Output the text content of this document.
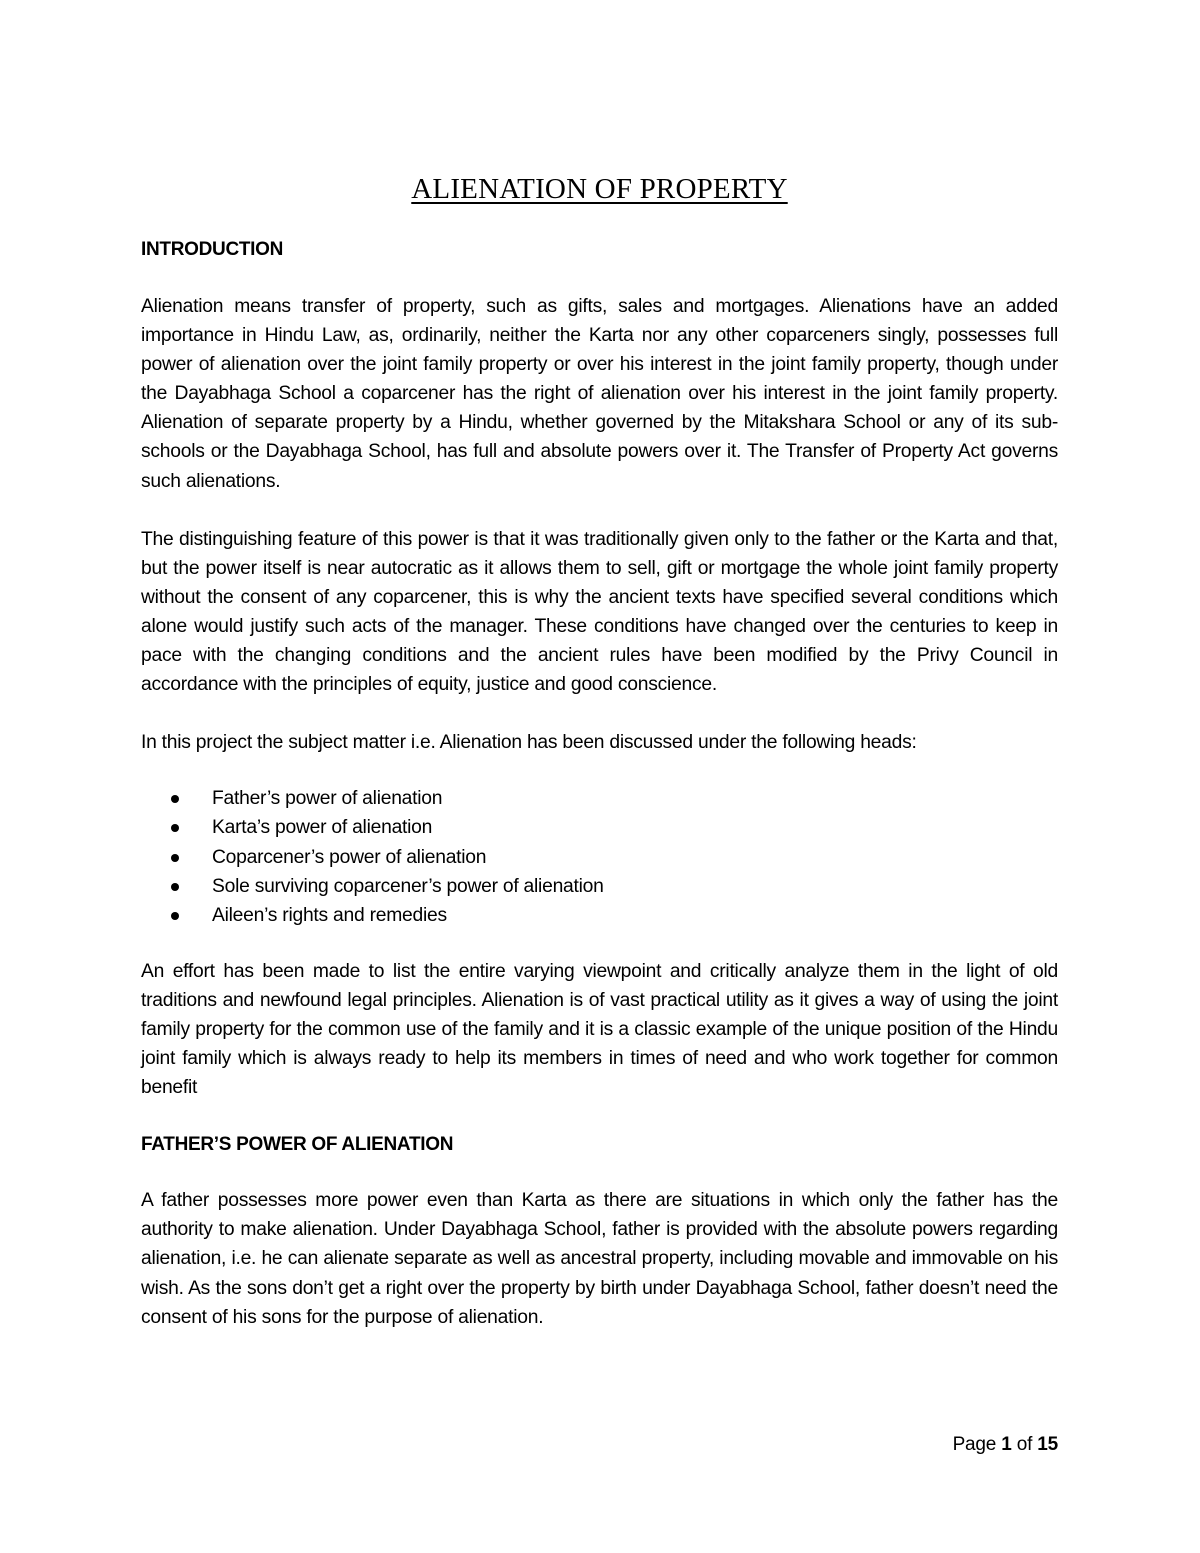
ALIENATION OF PROPERTY
INTRODUCTION

Alienation means transfer of property, such as gifts, sales and mortgages. Alienations have an added importance in Hindu Law, as, ordinarily, neither the Karta nor any other coparceners singly, possesses full power of alienation over the joint family property or over his interest in the joint family property, though under the Dayabhaga School a coparcener has the right of alienation over his interest in the joint family property. Alienation of separate property by a Hindu, whether governed by the Mitakshara School or any of its sub-schools or the Dayabhaga School, has full and absolute powers over it. The Transfer of Property Act governs such alienations.

The distinguishing feature of this power is that it was traditionally given only to the father or the Karta and that, but the power itself is near autocratic as it allows them to sell, gift or mortgage the whole joint family property without the consent of any coparcener, this is why the ancient texts have specified several conditions which alone would justify such acts of the manager. These conditions have changed over the centuries to keep in pace with the changing conditions and the ancient rules have been modified by the Privy Council in accordance with the principles of equity, justice and good conscience.

In this project the subject matter i.e. Alienation has been discussed under the following heads:

Father’s power of alienation
Karta’s power of alienation
Coparcener’s power of alienation
Sole surviving coparcener’s power of alienation
Aileen’s rights and remedies

An effort has been made to list the entire varying viewpoint and critically analyze them in the light of old traditions and newfound legal principles. Alienation is of vast practical utility as it gives a way of using the joint family property for the common use of the family and it is a classic example of the unique position of the Hindu joint family which is always ready to help its members in times of need and who work together for common benefit

FATHER’S POWER OF ALIENATION

A father possesses more power even than Karta as there are situations in which only the father has the authority to make alienation. Under Dayabhaga School, father is provided with the absolute powers regarding alienation, i.e. he can alienate separate as well as ancestral property, including movable and immovable on his wish. As the sons don’t get a right over the property by birth under Dayabhaga School, father doesn’t need the consent of his sons for the purpose of alienation.

Page 1 of 15
